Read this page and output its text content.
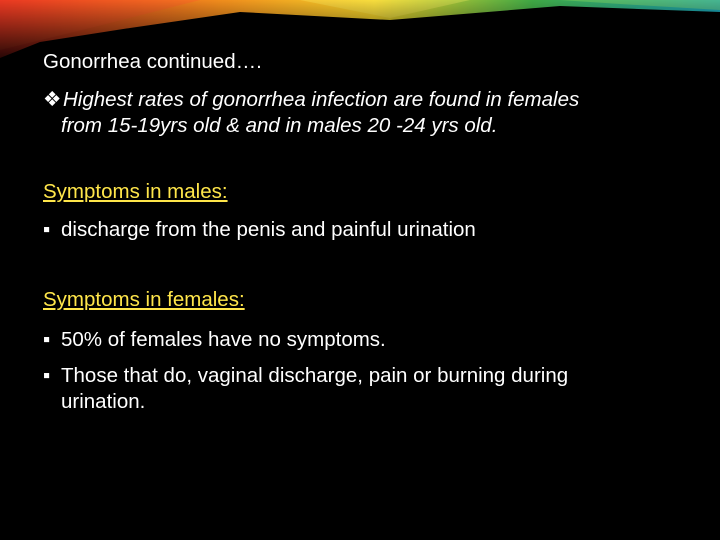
Gonorrhea continued….
❖Highest rates of gonorrhea infection are found in females
from 15-19yrs old & and in males 20 -24 yrs old.
Symptoms in males:
▪ discharge from the penis and painful urination
Symptoms in females:
▪ 50% of females have no symptoms.
▪ Those that do, vaginal discharge, pain or burning during
urination.
